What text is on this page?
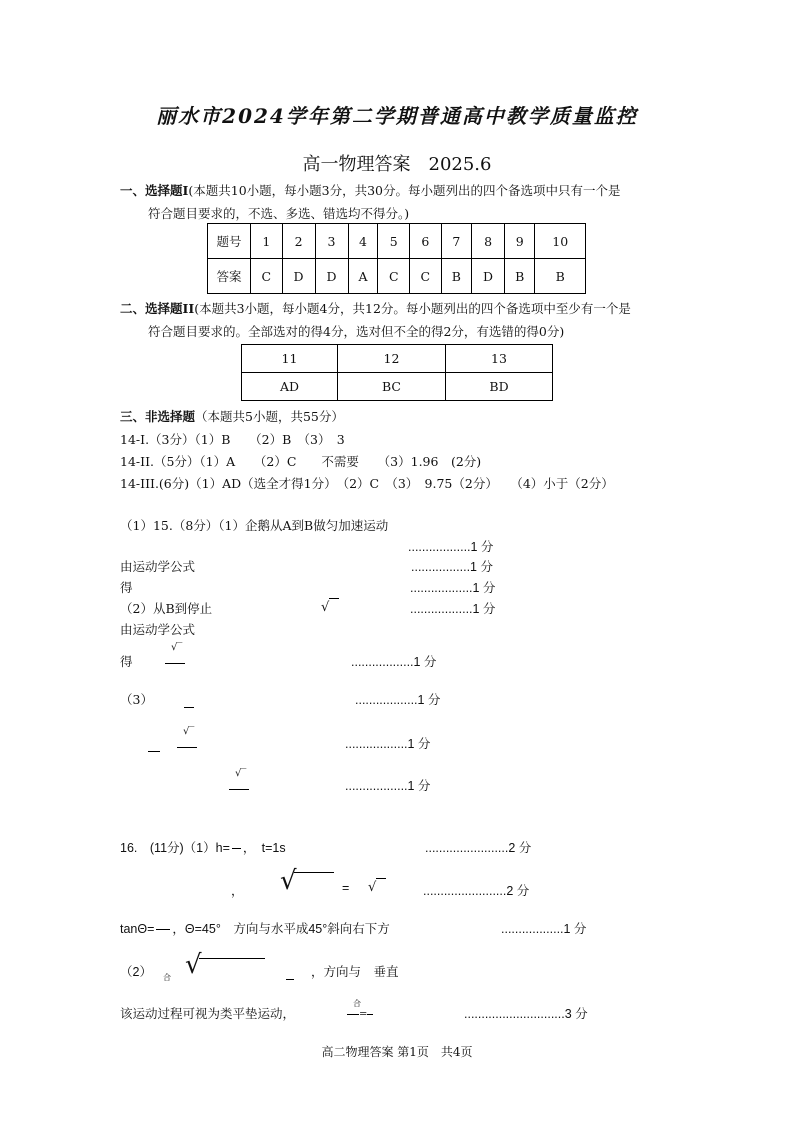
丽水市2024学年第二学期普通高中教学质量监控
高一物理答案　2025.6
一、选择题I(本题共10小题，每小题3分，共30分。每小题列出的四个备选项中只有一个是
符合题目要求的，不选、多选、错选均不得分。)
题号	1	2	3	4	5	6	7	8	9	10
答案	C	D	D	A	C	C	B	D	B	B
二、选择题II(本题共3小题，每小题4分，共12分。每小题列出的四个备选项中至少有一个是
符合题目要求的。全部选对的得4分，选对但不全的得2分，有选错的得0分)
11	12	13
AD	BC	BD
三、非选择题（本题共5小题，共55分）
14-I.（3分）（1）B　　（2）B　（3）　3
14-II.（5分）（1）A　　（2）C　　不需要　　（3）1.96　(2分)
14-III.(6分)（1）AD（选全才得1分）　（2）C　（3）　9.75（2分）　　（4）小于（2分）
（1）15.（8分）（1）企鹅从A到B做匀加速运动
..................1 分
由运动学公式	.................1 分
得	..................1 分
（2）从B到停止	√	..................1 分
由运动学公式
得
√‾
..................1 分
（3）	..................1 分
√‾
..................1 分
√‾
..................1 分
16.　(11分)（1）h= ，　t=1s	........................2 分
， √	= √	........................2 分
tanΘ= ，Θ=45°　方向与水平成45°斜向右下方	..................1 分
（2） 合 √	，方向与　垂直
该运动过程可视为类平垫运动，
合
=	.............................3 分
高二物理答案 第1页　共4页
